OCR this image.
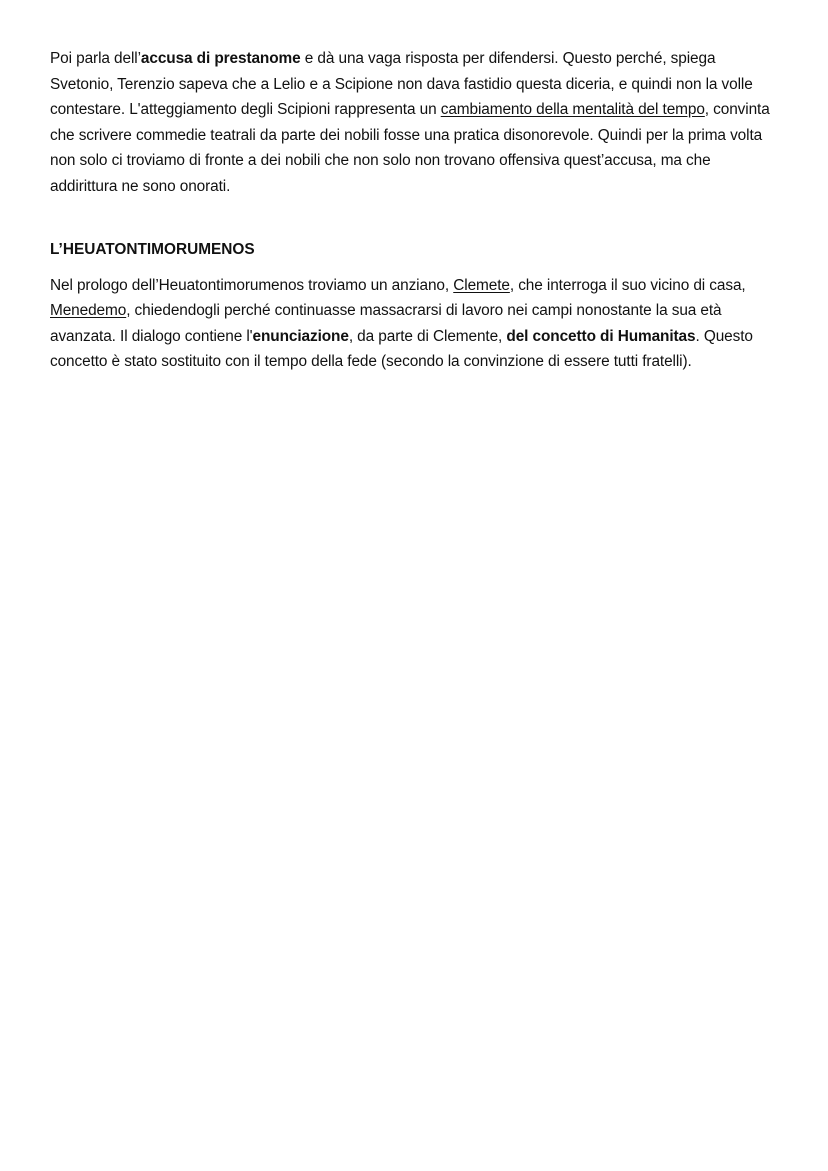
Poi parla dell’accusa di prestanome e dà una vaga risposta per difendersi. Questo perché, spiega Svetonio, Terenzio sapeva che a Lelio e a Scipione non dava fastidio questa diceria, e quindi non la volle contestare. L'atteggiamento degli Scipioni rappresenta un cambiamento della mentalità del tempo, convinta che scrivere commedie teatrali da parte dei nobili fosse una pratica disonorevole. Quindi per la prima volta non solo ci troviamo di fronte a dei nobili che non solo non trovano offensiva quest’accusa, ma che addirittura ne sono onorati.

L’HEUATONTIMORUMENOS

Nel prologo dell’Heuatontimorumenos troviamo un anziano, Clemete, che interroga il suo vicino di casa, Menedemo, chiedendogli perché continuasse massacrarsi di lavoro nei campi nonostante la sua età avanzata. Il dialogo contiene l'enunciazione, da parte di Clemente, del concetto di Humanitas. Questo concetto è stato sostituito con il tempo della fede (secondo la convinzione di essere tutti fratelli).
